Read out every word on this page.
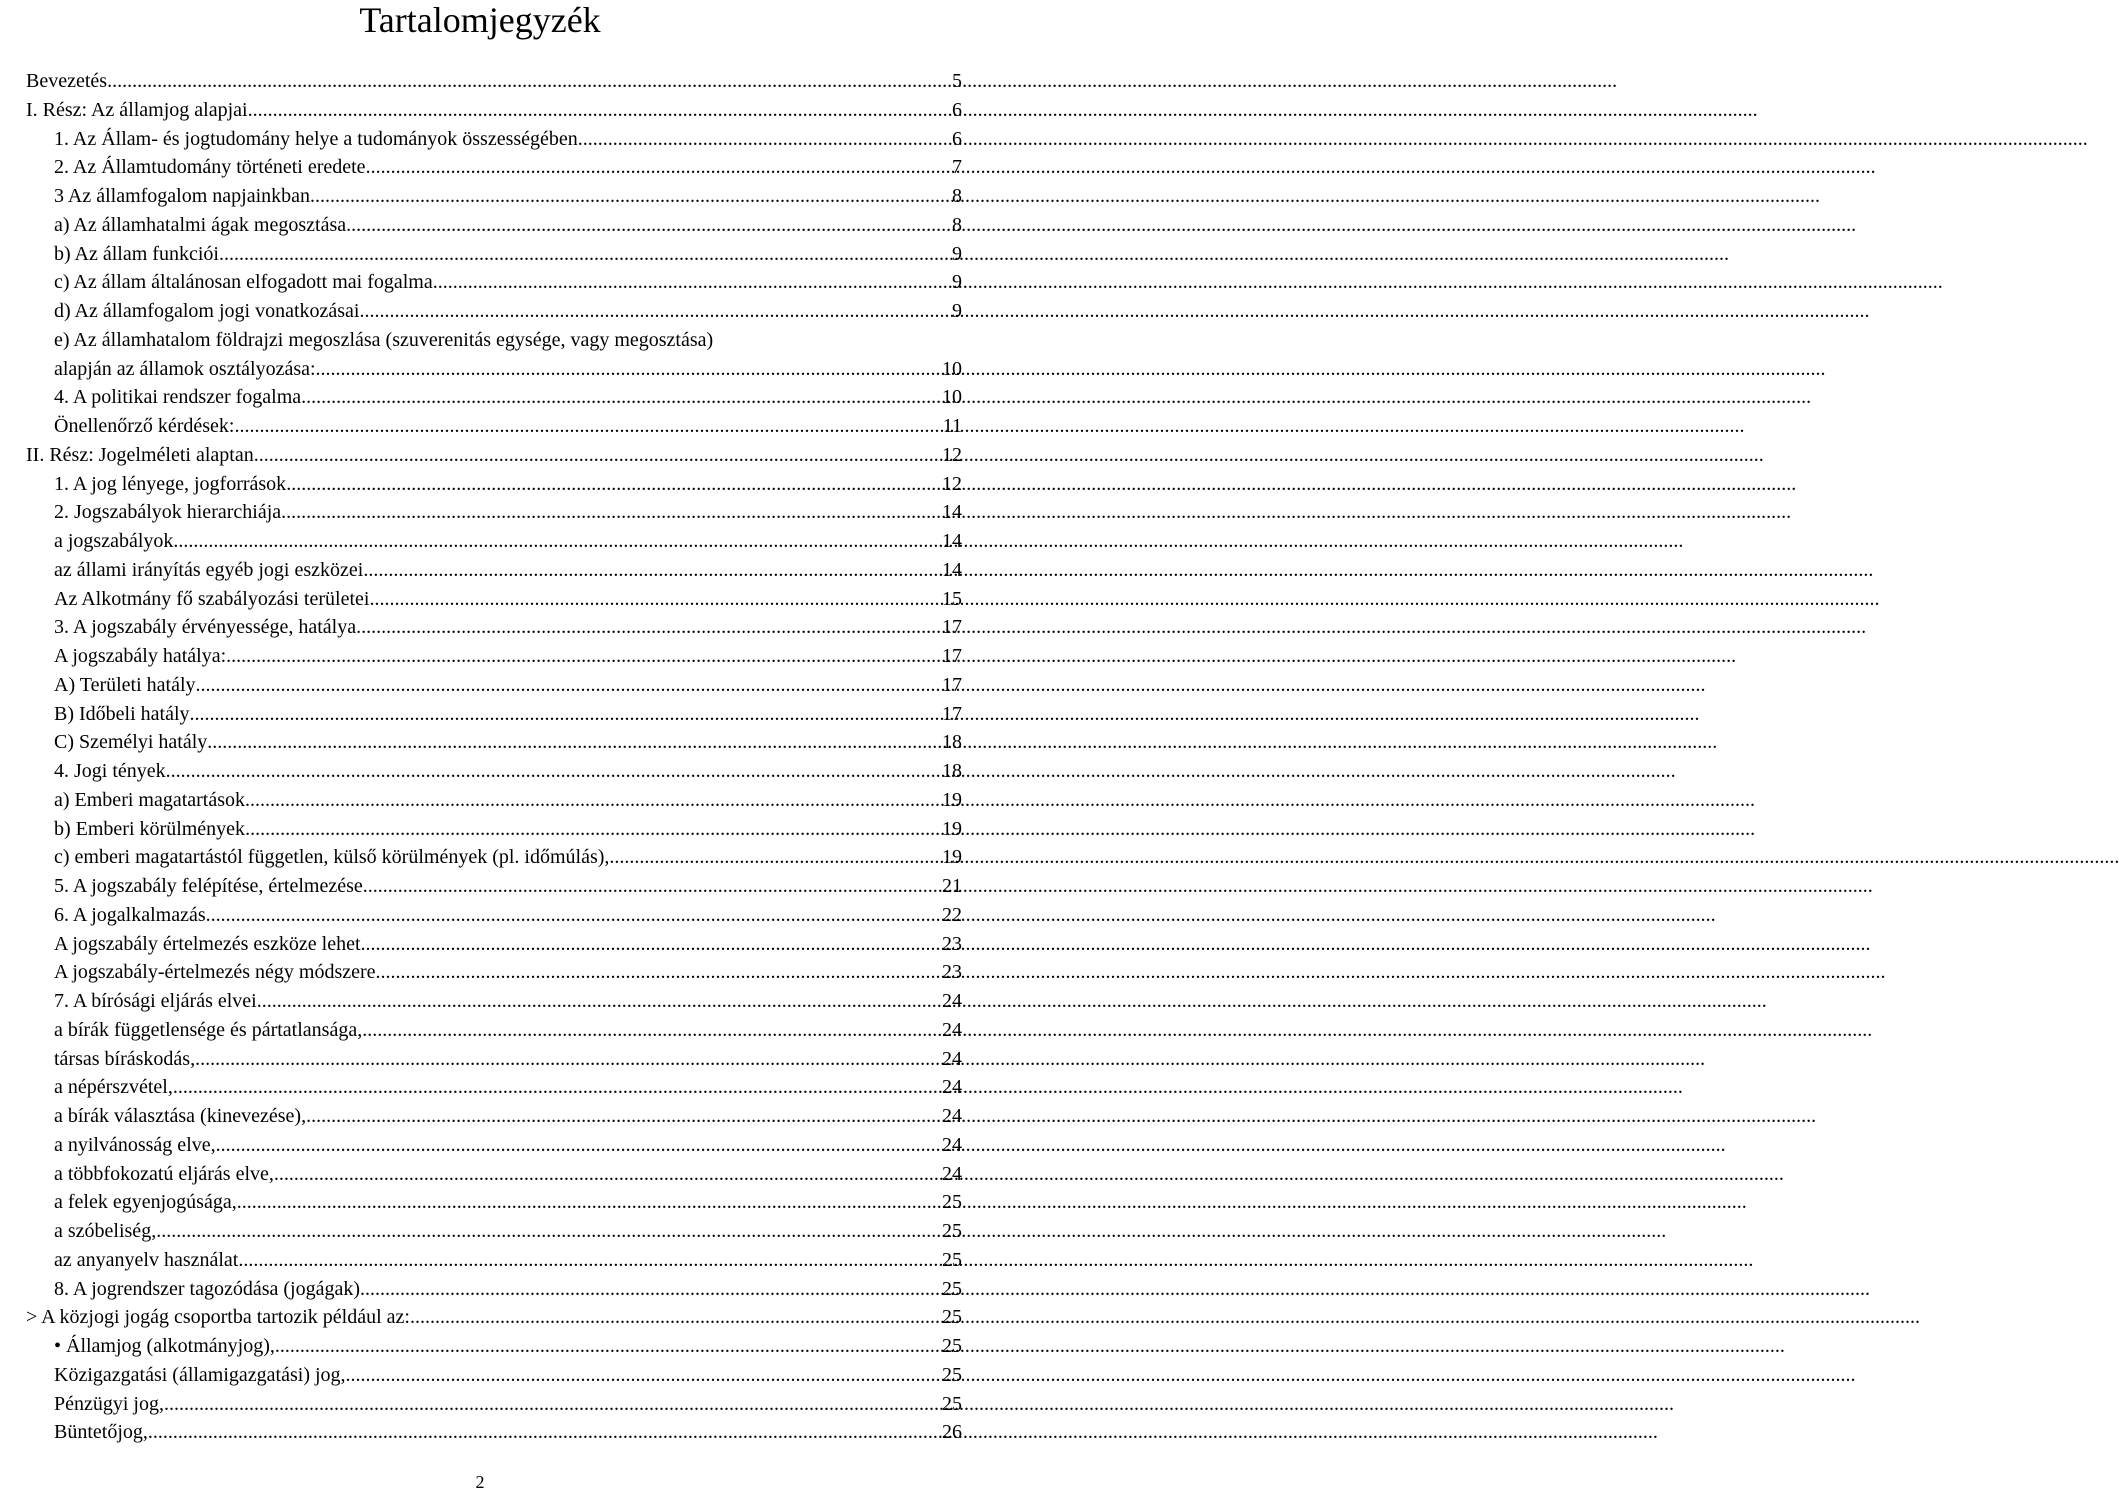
Tartalomjegyzék
Bevezetés .....	5
I. Rész: Az államjog alapjai .....	6
1. Az Állam- és jogtudomány helye a tudományok összességében .....	6
2. Az Államtudomány történeti eredete .....	7
3 Az államfogalom napjainkban .....	8
a) Az államhatalmi ágak megosztása .....	8
b) Az állam funkciói .....	9
c) Az állam általánosan elfogadott mai fogalma .....	9
d) Az államfogalom jogi vonatkozásai .....	9
e) Az államhatalom földrajzi megoszlása (szuverenitás egysége, vagy megosztása)
alapján az államok osztályozása: .....	10
4. A politikai rendszer fogalma .....	10
Önellenőrző kérdések: .....	11
II. Rész: Jogelméleti alaptan .....	12
1. A jog lényege, jogforrások .....	12
2. Jogszabályok hierarchiája .....	14
a jogszabályok .....	14
az állami irányítás egyéb jogi eszközei .....	14
Az Alkotmány fő szabályozási területei .....	15
3. A jogszabály érvényessége, hatálya .....	17
A jogszabály hatálya: .....	17
A) Területi hatály .....	17
B) Időbeli hatály .....	17
C) Személyi hatály .....	18
4. Jogi tények .....	18
a) Emberi magatartások .....	19
b) Emberi körülmények .....	19
c) emberi magatartástól független, külső körülmények (pl. időmúlás), .....	19
5. A jogszabály felépítése, értelmezése .....	21
6. A jogalkalmazás .....	22
A jogszabály értelmezés eszköze lehet .....	23
A jogszabály-értelmezés négy módszere .....	23
7. A bírósági eljárás elvei .....	24
a bírák függetlensége és pártatlansága, .....	24
társas bíráskodás, .....	24
a népérszvétel, .....	24
a bírák választása (kinevezése), .....	24
a nyilvánosság elve, .....	24
a többfokozatú eljárás elve, .....	24
a felek egyenjogúsága, .....	25
a szóbeliség, .....	25
az anyanyelv használat. .....	25
8. A jogrendszer tagozódása (jogágak) .....	25
> A közjogi jogág csoportba tartozik például az: .....	25
• Államjog (alkotmányjog), .....	25
Közigazgatási (államigazgatási) jog, .....	25
Pénzügyi jog, .....	25
Büntetőjog, .....	26
2
